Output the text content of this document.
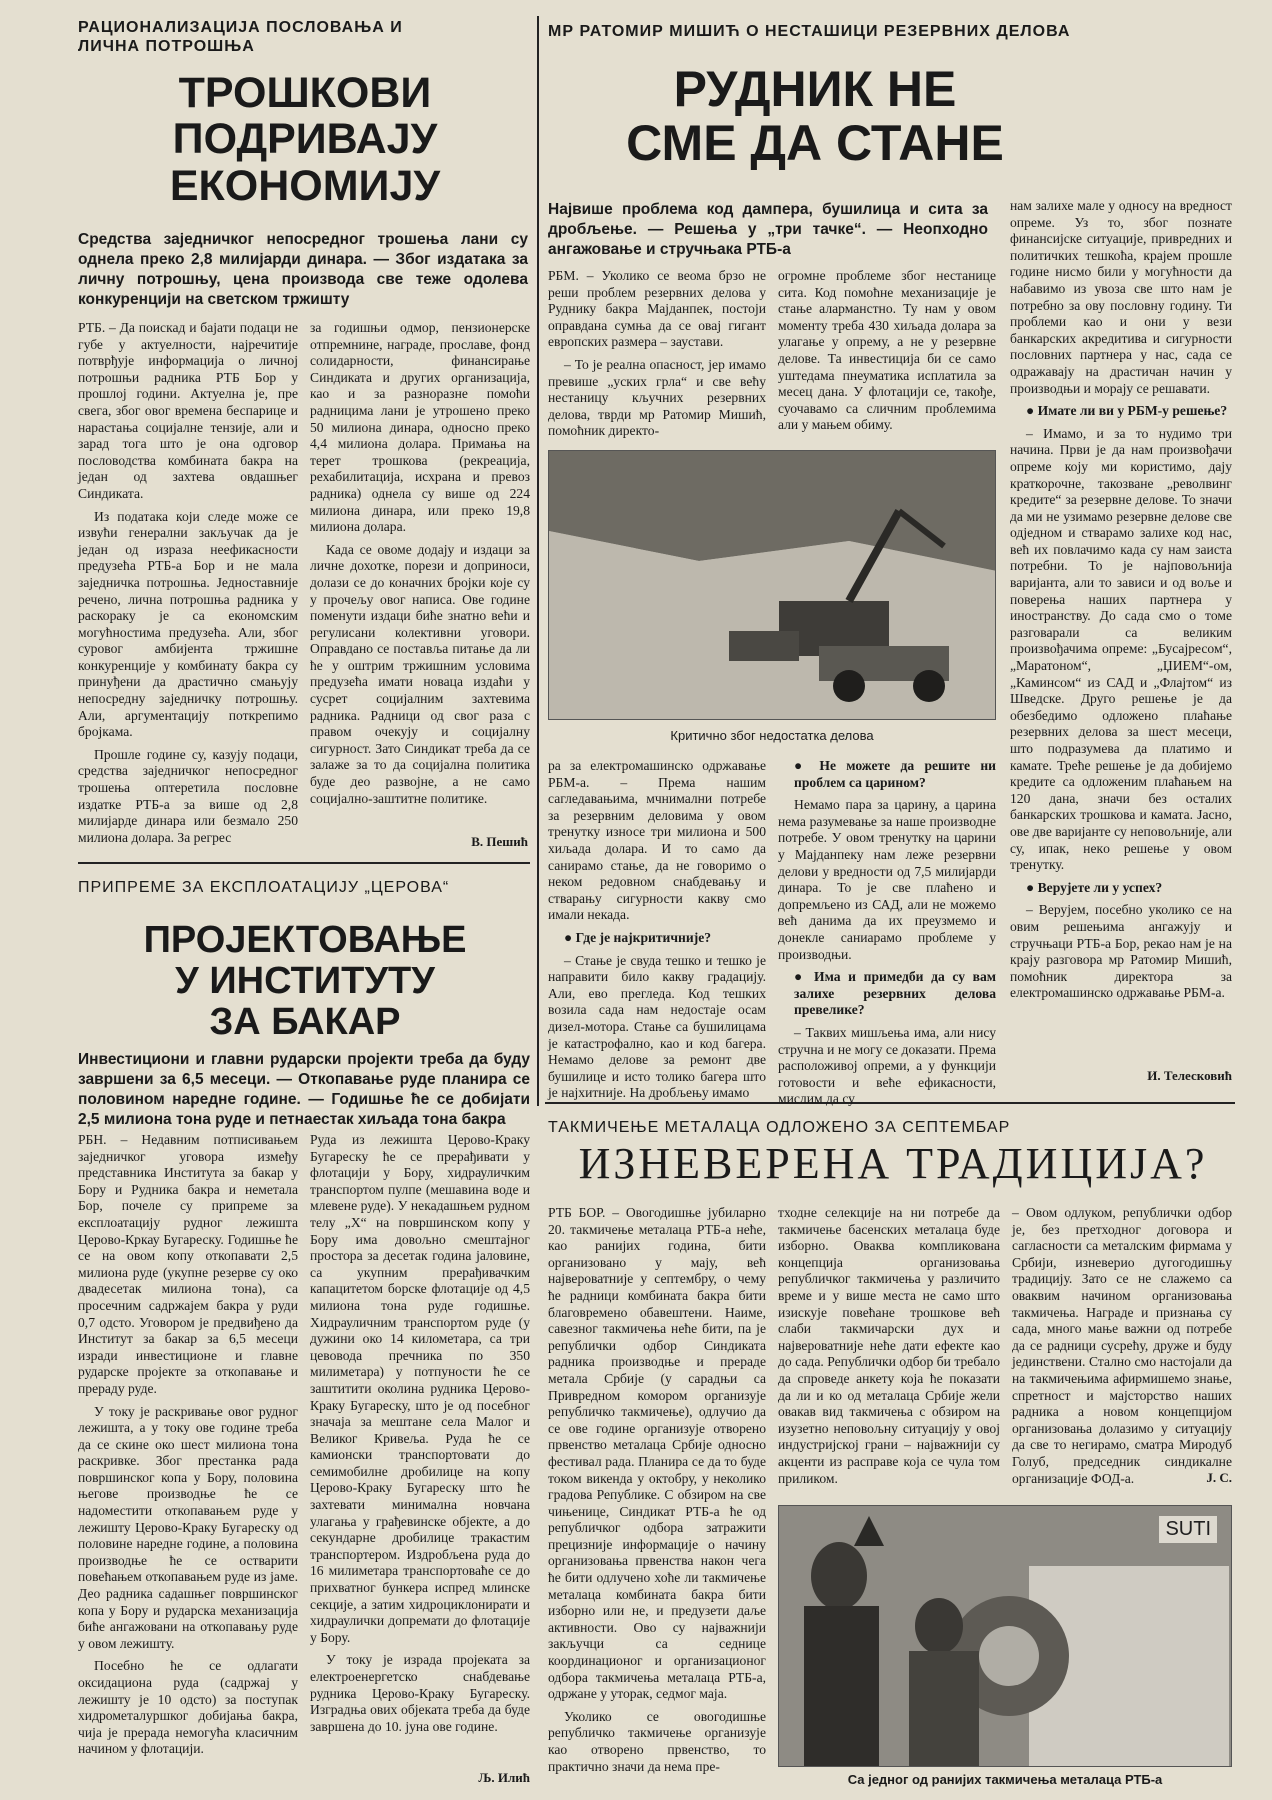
РАЦИОНАЛИЗАЦИЈА ПОСЛОВАЊА И ЛИЧНА ПОТРОШЊА
МР РАТОМИР МИШИЋ О НЕСТАШИЦИ РЕЗЕРВНИХ ДЕЛОВА
ТРОШКОВИ
ПОДРИВАЈУ
ЕКОНОМИЈУ
Средства заједничког непосредног трошења лани су однела преко 2,8 милијарди динара. — Због издатака за личну потрошњу, цена производа све теже одолева конкуренцији на светском тржишту

РТБ. – Да поискад и бајати подаци не губе у актуелности, најречитије потврђује информација о личној потрошњи радника РТБ Бор у прошлој години. Актуелна је, пре свега, због овог времена беспарице и нарастања социјалне тензије, али и зарад тога што је она одговор пословодства комбината бакра на један од захтева овдашњег Синдиката.

Из података који следе може се извући генерални закључак да је један од израза неефикасности предузећа РТБ-а Бор и не мала заједничка потрошња. Једноставније речено, лична потрошња радника у раскораку је са економским могућностима предузећа. Али, због суровог амбијента тржишне конкуренције у комбинату бакра су принуђени да драстично смањују непосредну заједничку потрошњу. Али, аргументацију поткрепимо бројкама.

Прошле године су, казују подаци, средства заједничког непосредног трошења оптеретила пословне издатке РТБ-а за више од 2,8 милијарде динара или безмало 250 милиона долара. За регрес

за годишњи одмор, пензионерске отпремнине, награде, прославе, фонд солидарности, финансирање Синдиката и других организација, као и за разноразне помоћи радницима лани је утрошено преко 50 милиона динара, односно преко 4,4 милиона долара. Примања на терет трошкова (рекреација, рехабилитација, исхрана и превоз радника) однела су више од 224 милиона динара, или преко 19,8 милиона долара.

Када се овоме додају и издаци за личне дохотке, порези и доприноси, долази се до коначних бројки које су у прочељу овог написа. Ове године поменути издаци биће знатно већи и регулисани колективни уговори. Оправдано се поставља питање да ли ће у оштрим тржишним условима предузећа имати новаца издаћи у сусрет социјалним захтевима радника. Радници од свог раза с правом очекују и социјалну сигурност. Зато Синдикат треба да се залаже за то да социјална политика буде део развојне, а не само социјално-заштитне политике.

В. Пешић
РУДНИК НЕ
СМЕ ДА СТАНЕ
Највише проблема код дампера, бушилица и сита за дробљење. — Решења у „три тачке“. — Неопходно ангажовање и стручњака РТБ-а

РБМ. – Уколико се веома брзо не реши проблем резервних делова у Руднику бакра Мајданпек, постоји оправдана сумња да се овај гигант европских размера – заустави.

– То је реална опасност, јер имамо превише „уских грла“ и све већу нестаницу кључних резервних делова, тврди мр Ратомир Мишић, помоћник директо-

огромне проблеме због нестанице сита. Код помоћне механизације је стање аларманстно. Ту нам у овом моменту треба 430 хиљада долара за улагање у опрему, а не у резервне делове. Та инвестиција би се само уштедама пнеуматика исплатила за месец дана. У флотацији се, такође, суочавамо са сличним проблемима али у мањем обиму.

Критично због недостатка делова

ра за електромашинско одржавање РБМ-а. – Према нашим сагледавањима, мчнимални потребе за резервним деловима у овом тренутку износе три милиона и 500 хиљада долара. И то само да санирамо стање, да не говоримо о неком редовном снабдевању и стварању сигурности какву смо имали некада.

● Где је најкритичније?

– Стање је свуда тешко и тешко је направити било какву градацију. Али, ево прегледа. Код тешких возила сада нам недостаје осам дизел-мотора. Стање са бушилицама је катастрофално, као и код багера. Немамо делове за ремонт две бушилице и исто толико багера што је најхитније. На дробљењу имамо

● Не можете да решите ни проблем са царином?

Немамо пара за царину, а царина нема разумевање за наше производне потребе. У овом тренутку на царини у Мајданпеку нам леже резервни делови у вредности од 7,5 милијарди динара. То је све плаћено и допремљено из САД, али не можемо већ данима да их преузмемо и донекле саниарамо проблеме у производњи.

● Има и примедби да су вам залихе резервних делова превелике?

– Таквих мишљења има, али нису стручна и не могу се доказати. Према расположивој опреми, а у функцији готовости и веће ефикасности, мислим да су

нам залихе мале у односу на вредност опреме. Уз то, због познате финансијске ситуације, привредних и политичких тешкоћа, крајем прошле године нисмо били у могућности да набавимо из увоза све што нам је потребно за ову пословну годину. Ти проблеми као и они у вези банкарских акредитива и сигурности пословних партнера у нас, сада се одражавају на драстичан начин у производњи и морају се решавати.

● Имате ли ви у РБМ-у решење?

– Имамо, и за то нудимо три начина. Први је да нам произвођачи опреме коју ми користимо, дају краткорочне, такозване „револвинг кредите“ за резервне делове. То значи да ми не узимамо резервне делове све одједном и стварамо залихе код нас, већ их повлачимо када су нам заиста потребни. То је најповољнија варијанта, али то зависи и од воље и поверења наших партнера у иностранству. До сада смо о томе разговарали са великим произвођачима опреме: „Бусајресом“, „Маратоном“, „ЏИЕМ“-ом, „Каминсом“ из САД и „Флајтом“ из Шведске. Друго решење је да обезбедимо одложено плаћање резервних делова за шест месеци, што подразумева да платимо и камате. Треће решење је да добијемо кредите са одложеним плаћањем на 120 дана, значи без осталих банкарских трошкова и камата. Јасно, ове две варијанте су неповољније, али су, ипак, некo решење у овом тренутку.

● Верујете ли у успех?

– Верујем, посебно уколико се на овим решењима ангажују и стручњаци РТБ-а Бор, рекао нам је на крају разговора мр Ратомир Мишић, помоћник директора за електромашинско одржавање РБМ-а.

И. Телесковић
ПРИПРЕМЕ ЗА ЕКСПЛОАТАЦИЈУ „ЦЕРОВА“
ПРОЈЕКТОВАЊЕ
У ИНСТИТУТУ
ЗА БАКАР
Инвестициони и главни рударски пројекти треба да буду завршени за 6,5 месеци. — Откопавање руде планира се половином наредне године. — Годишње ће се добијати 2,5 милиона тона руде и петнаестак хиљада тона бакра

РБН. – Недавним потписивањем заједничког уговора између представника Института за бакар у Бору и Рудника бакра и неметала Бор, почеле су припреме за експлоатацију рудног лежишта Церово-Кркау Бугареску. Годишње ће се на овом копу откопавати 2,5 милиона руде (укупне резерве су око двадесетак милиона тона), са просечним садржајем бакра у руди 0,7 одсто. Уговором је предвиђено да Институт за бакар за 6,5 месеци изради инвестиционе и главне рударске пројекте за откопавање и прераду руде.

У току је раскривање овог рудног лежишта, а у току ове године треба да се скине око шест милиона тона раскривке. Због престанка рада површинског копа у Бору, половина његове производње ће се надоместити откопавањем руде у лежишту Церово-Краку Бугареску од половине наредне године, а половина производње ће се остварити повећањем откопавањем руде из јаме. Део радника садашњег површинског копа у Бору и рударска механизација биће ангажовани на откопавању руде у овом лежишту.

Посебно ће се одлагати оксидациона руда (садржај у лежишту је 10 одсто) за поступак хидрометалуршког добијања бакра, чија је прерада немогућа класичним начином у флотацији.

Руда из лежишта Церово-Краку Бугареску ће се прерађивати у флотацији у Бору, хидрауличким транспортом пулпе (мешавина воде и млевене руде). У некадашњем рудном телу „Х“ на површинском копу у Бору има довољно смештајног простора за десетак година јаловине, са укупним прерађивачким капацитетом борске флотације од 4,5 милиона тона руде годишње. Хидрауличним транспортом руде (у дужини око 14 километара, са три цевовода пречника по 350 милиметара) у потпуности ће се заштитити околина рудника Церово-Краку Бугареску, што је од посебног значаја за мештане села Малог и Великог Кривеља. Руда ће се камионски транспортовати до семимобилне дробилице на копу Церово-Краку Бугареску што ће захтевати минимална новчана улагања у грађевинске објекте, а до секундарне дробилице тракастим транспортером. Издробљена руда до 16 милиметара транспортоваће се до прихватног бункера испред млинске секције, а затим хидроциклонирати и хидраулички допремати до флотације у Бору.

У току је израда пројеката за електроенергетско снабдевање рудника Церово-Краку Бугареску. Изградња ових објеката треба да буде завршена до 10. јуна ове године.

Љ. Илић
ТАКМИЧЕЊЕ МЕТАЛАЦА ОДЛОЖЕНО ЗА СЕПТЕМБАР
ИЗНЕВЕРЕНА ТРАДИЦИЈА?

РТБ БОР. – Овогодишње јубиларно 20. такмичење металаца РТБ-а неће, као ранијих година, бити организовано у мају, већ највероватније у септембру, о чему ће радници комбината бакра бити благовремено обавештени. Наиме, савезног такмичења неће бити, па је републички одбор Синдиката радника производње и прераде метала Србије (у сарадњи са Привредном комором организује републичко такмичење), одлучио да се ове године организује отворено првенство металаца Србије односно фестивал рада. Планира се да то буде током викенда у октобру, у неколико градова Републике. С обзиром на све чињенице, Синдикат РТБ-а ће од републичког одбора затражити прецизније информације о начину организовања првенства након чега ће бити одлучено хоће ли такмичење металаца комбината бакра бити изборно или не, и предузети даље активности. Ово су најважнији закључци са седнице координационог и организационог одбора такмичења металаца РТБ-а, одржане у уторак, седмог маја.

Уколико се овогодишње републичко такмичење организује као отворено првенство, то практично значи да нема пре-

тходне селекције на ни потребе да такмичење басенских металаца буде изборно. Оваква компликована концепција организовања републичког такмичења у различито време и у више места не само што изискује повећане трошкове већ слаби такмичарски дух и највероватније неће дати ефекте као до сада. Републички одбор би требало да спроведе анкету која ће показати да ли и ко од металаца Србије жели овакав вид такмичења с обзиром на изузетно неповољну ситуацију у овој индустријској грани – најважнији су акценти из расправе која се чула том приликом.

– Овом одлуком, републички одбор је, без претходног договора и сагласности са металским фирмама у Србији, изневерио дугогодишњу традицију. Зато се не слажемо са оваквим начином организовања такмичења. Награде и признања су сада, много мање важни од потребе да се радници сусрећу, друже и буду јединствени. Стално смо настојали да на такмичењима афирмишемо знање, спретност и мајсторство наших радника а новом концепцијом организовања долазимо у ситуацију да све то негирамо, сматра Миродуб Голуб, председник синдикалне организације ФОД-а.	Ј. С.
SUTI
Са једног од ранијих такмичења металаца РТБ-а
